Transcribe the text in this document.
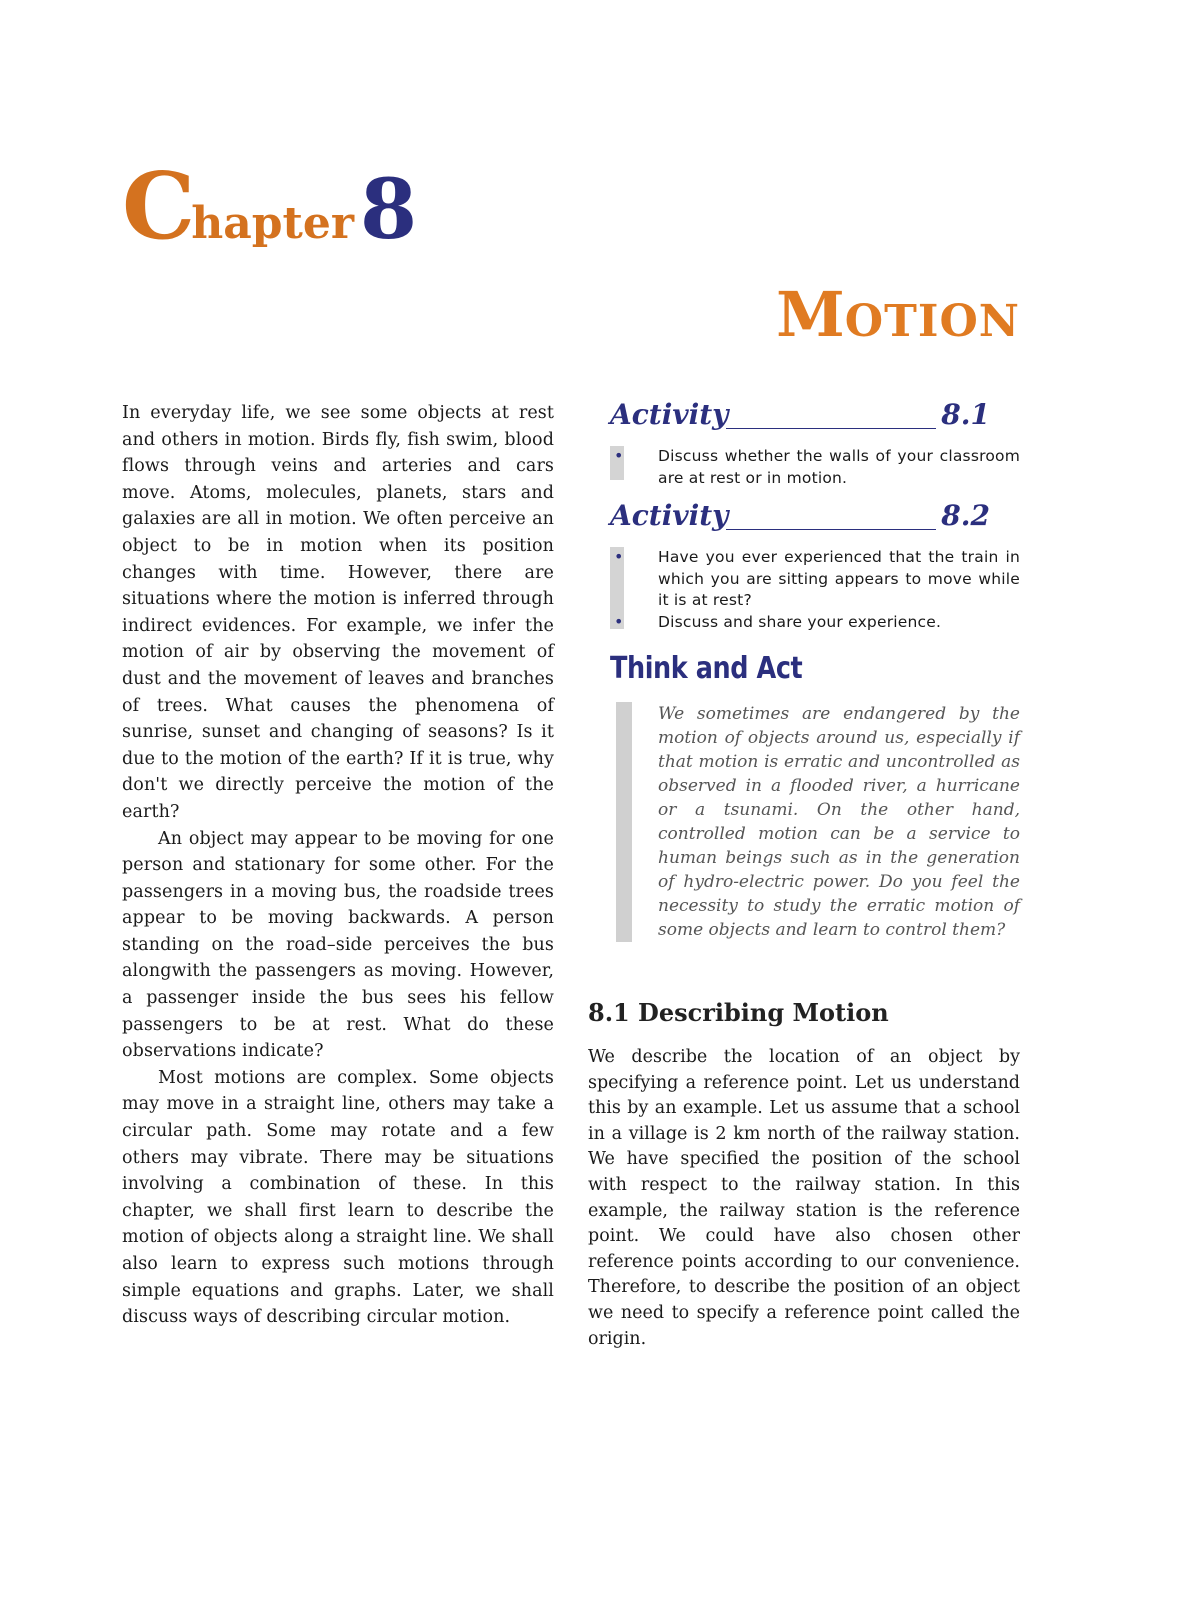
Chapter8
MOTION

In everyday life, we see some objects at rest and others in motion. Birds fly, fish swim, blood flows through veins and arteries and cars move. Atoms, molecules, planets, stars and galaxies are all in motion. We often perceive an object to be in motion when its position changes with time. However, there are situations where the motion is inferred through indirect evidences. For example, we infer the motion of air by observing the movement of dust and the movement of leaves and branches of trees. What causes the phenomena of sunrise, sunset and changing of seasons? Is it due to the motion of the earth? If it is true, why don't we directly perceive the motion of the earth?

An object may appear to be moving for one person and stationary for some other. For the passengers in a moving bus, the roadside trees appear to be moving backwards. A person standing on the road–side perceives the bus alongwith the passengers as moving. However, a passenger inside the bus sees his fellow passengers to be at rest. What do these observations indicate?

Most motions are complex. Some objects may move in a straight line, others may take a circular path. Some may rotate and a few others may vibrate. There may be situations involving a combination of these. In this chapter, we shall first learn to describe the motion of objects along a straight line. We shall also learn to express such motions through simple equations and graphs. Later, we shall discuss ways of describing circular motion.

Activity	8.1
• Discuss whether the walls of your classroom are at rest or in motion.
Activity	8.2
• Have you ever experienced that the train in which you are sitting appears to move while it is at rest?
• Discuss and share your experience.
Think and Act

We sometimes are endangered by the motion of objects around us, especially if that motion is erratic and uncontrolled as observed in a flooded river, a hurricane or a tsunami. On the other hand, controlled motion can be a service to human beings such as in the generation of hydro-electric power. Do you feel the necessity to study the erratic motion of some objects and learn to control them?

8.1 Describing Motion

We describe the location of an object by specifying a reference point. Let us understand this by an example. Let us assume that a school in a village is 2 km north of the railway station. We have specified the position of the school with respect to the railway station. In this example, the railway station is the reference point. We could have also chosen other reference points according to our convenience. Therefore, to describe the position of an object we need to specify a reference point called the origin.
